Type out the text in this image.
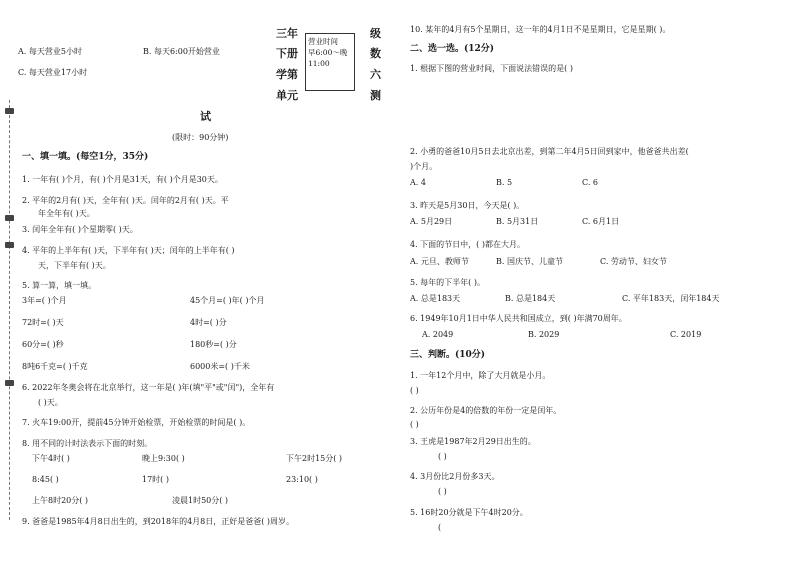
A. 每天营业5小时	B. 每天6:00开始营业
C. 每天营业17小时
三年
下册
学第
单元
营业时间
早6:00～晚11:00
级
数
六
测
试
(限时：90分钟)
一、填一填。(每空1分，35分)
1. 一年有( )个月，有( )个月是31天，有( )个月是30天。
2. 平年的2月有( )天，全年有( )天。闰年的2月有( )天。平
年全年有( )天。
3. 闰年全年有( )个星期零( )天。
4. 平年的上半年有( )天，下半年有( )天；闰年的上半年有( )
天，下半年有( )天。
5. 算一算，填一填。
3年=( )个月	45个月=( )年( )个月
72时=( )天	4时=( )分
60分=( )秒	180秒=( )分
8吨6千克=( )千克	6000米=( )千米
6. 2022年冬奥会将在北京举行，这一年是( )年(填"平"或"闰")，全年有
( )天。
7. 火车19:00开，提前45分钟开始检票，开始检票的时间是( )。
8. 用不同的计时法表示下面的时刻。
下午4时( )	晚上9:30( )	下午2时15分( )
8:45( )	17时( )	23:10( )
上午8时20分( )	凌晨1时50分( )
9. 爸爸是1985年4月8日出生的，到2018年的4月8日，正好是爸爸( )周岁。
10. 某年的4月有5个星期日，这一年的4月1日不是星期日，它是星期( )。
二、选一选。(12分)
1. 根据下图的营业时间，下面说法错误的是( )
2. 小勇的爸爸10月5日去北京出差，到第二年4月5日回到家中，他爸爸共出差(
)个月。
A. 4	B. 5	C. 6
3. 昨天是5月30日，今天是( )。
A. 5月29日	B. 5月31日	C. 6月1日
4. 下面的节日中，( )都在大月。
A. 元旦、教师节	B. 国庆节、儿童节	C. 劳动节、妇女节
5. 每年的下半年( )。
A. 总是183天	B. 总是184天	C. 平年183天，闰年184天
6. 1949年10月1日中华人民共和国成立，到( )年满70周年。
A. 2049	B. 2029	C. 2019
三、判断。(10分)
1. 一年12个月中，除了大月就是小月。
( )
2. 公历年份是4的倍数的年份一定是闰年。
( )
3. 王虎是1987年2月29日出生的。
( )
4. 3月份比2月份多3天。
( )
5. 16时20分就是下午4时20分。
(
